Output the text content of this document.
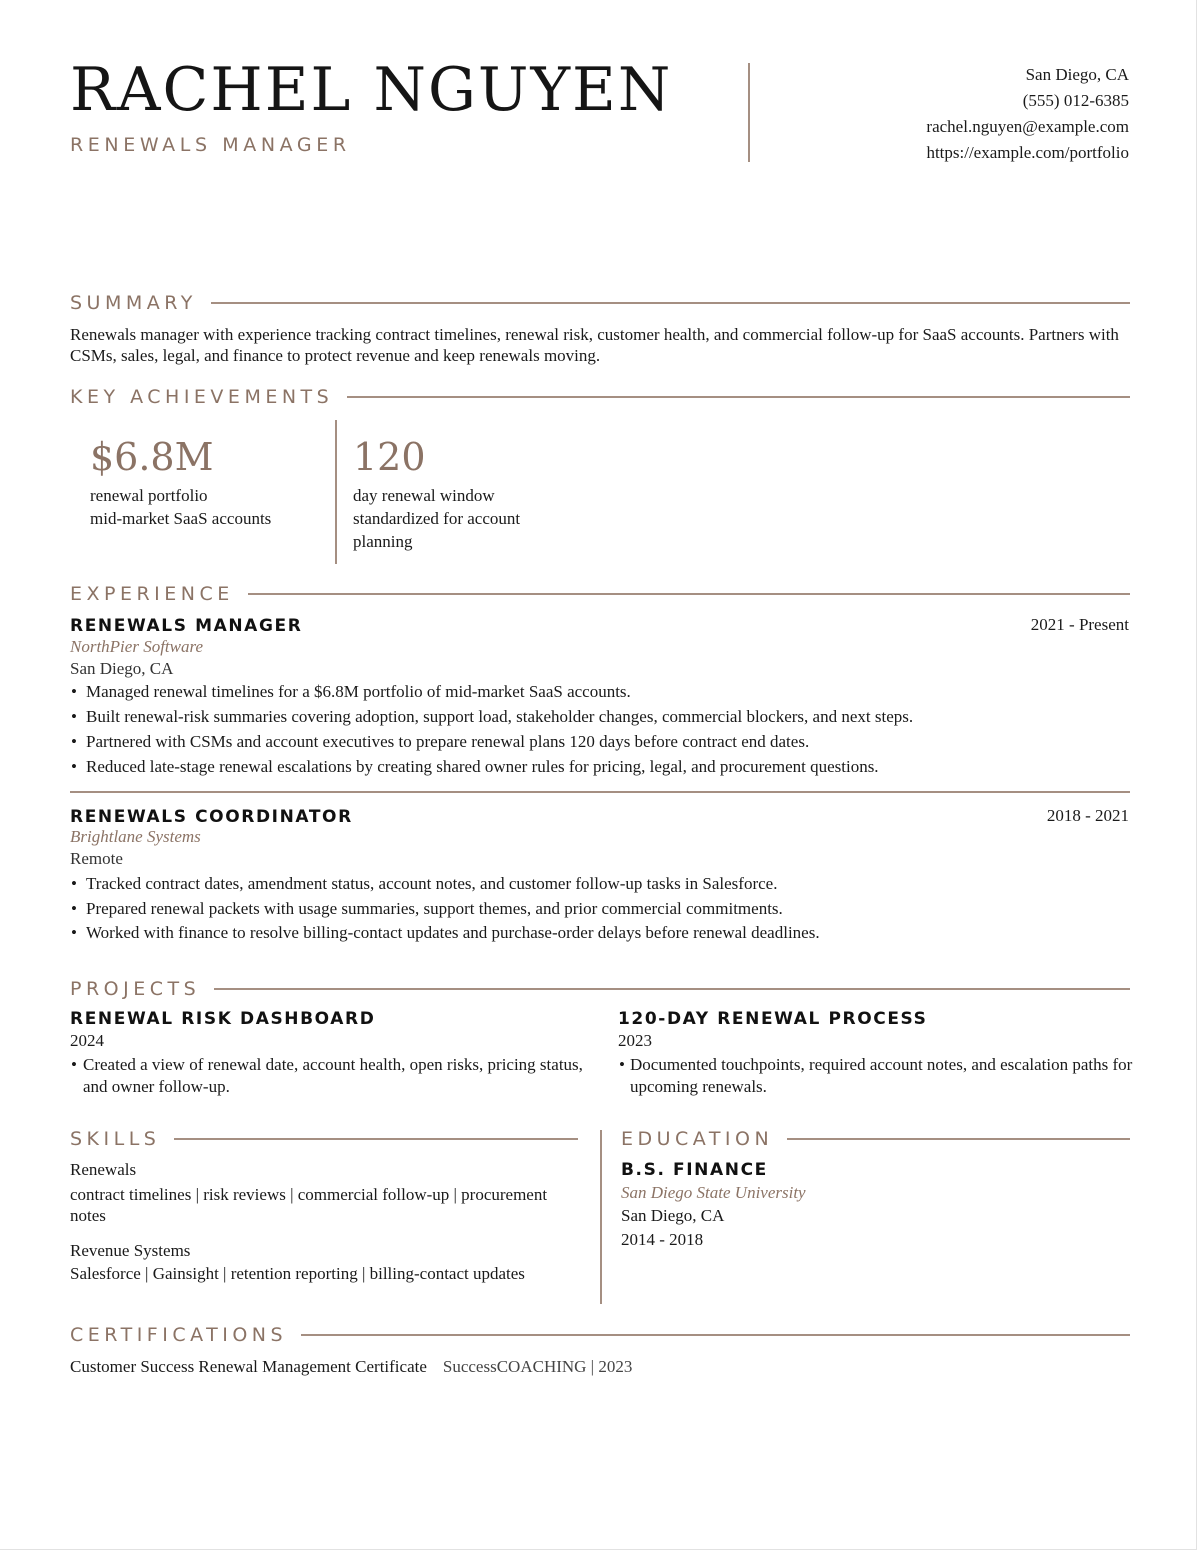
RACHEL NGUYEN
RENEWALS MANAGER
San Diego, CA
(555) 012-6385
rachel.nguyen@example.com
https://example.com/portfolio
SUMMARY
Renewals manager with experience tracking contract timelines, renewal risk, customer health, and commercial follow-up for SaaS accounts. Partners with CSMs, sales, legal, and finance to protect revenue and keep renewals moving.
KEY ACHIEVEMENTS
$6.8M
renewal portfolio
mid-market SaaS accounts
120
day renewal window
standardized for account
planning
EXPERIENCE
RENEWALS MANAGER	2021 - Present
NorthPier Software
San Diego, CA
• Managed renewal timelines for a $6.8M portfolio of mid-market SaaS accounts.
• Built renewal-risk summaries covering adoption, support load, stakeholder changes, commercial blockers, and next steps.
• Partnered with CSMs and account executives to prepare renewal plans 120 days before contract end dates.
• Reduced late-stage renewal escalations by creating shared owner rules for pricing, legal, and procurement questions.
RENEWALS COORDINATOR	2018 - 2021
Brightlane Systems
Remote
• Tracked contract dates, amendment status, account notes, and customer follow-up tasks in Salesforce.
• Prepared renewal packets with usage summaries, support themes, and prior commercial commitments.
• Worked with finance to resolve billing-contact updates and purchase-order delays before renewal deadlines.
PROJECTS
RENEWAL RISK DASHBOARD
2024
• Created a view of renewal date, account health, open risks, pricing status, and owner follow-up.
120-DAY RENEWAL PROCESS
2023
• Documented touchpoints, required account notes, and escalation paths for upcoming renewals.
SKILLS
Renewals
contract timelines | risk reviews | commercial follow-up | procurement notes
Revenue Systems
Salesforce | Gainsight | retention reporting | billing-contact updates
EDUCATION
B.S. FINANCE
San Diego State University
San Diego, CA
2014 - 2018
CERTIFICATIONS
Customer Success Renewal Management Certificate SuccessCOACHING | 2023
